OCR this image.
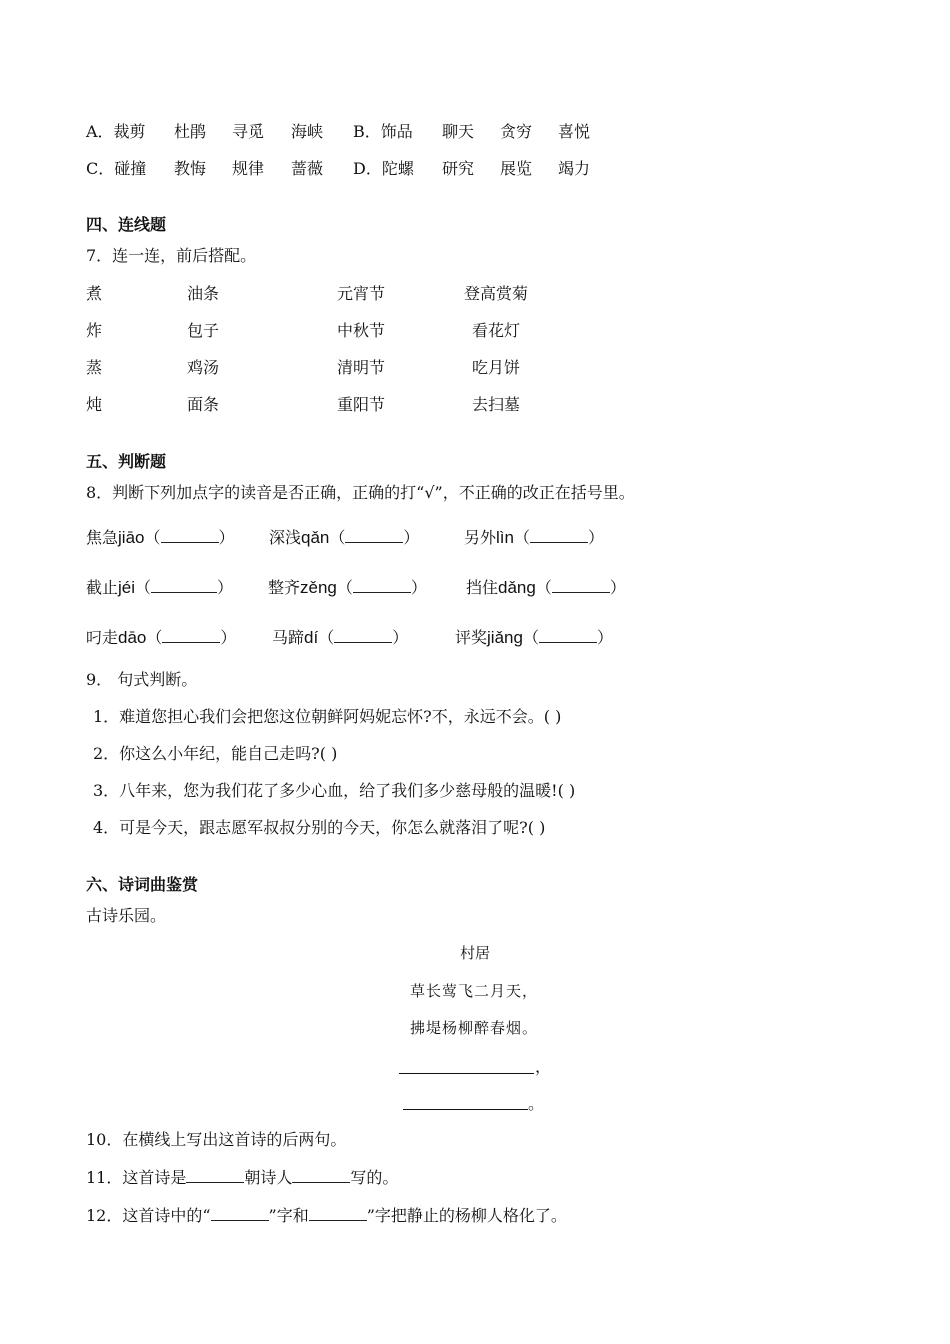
A．裁剪 杜鹃 寻觅 海峡 B．饰品 聊天 贪穷 喜悦
C．碰撞 教悔 规律 蔷薇 D．陀螺 研究 展览 竭力
四、连线题
7．连一连，前后搭配。
煮	油条	元宵节	登高赏菊
炸	包子	中秋节	看花灯
蒸	鸡汤	清明节	吃月饼
炖	面条	重阳节	去扫墓
五、判断题
8．判断下列加点字的读音是否正确，正确的打“√”，不正确的改正在括号里。
焦急jiāo（	） 深浅qǎn（	）	另外lìn（	）
截止jéi（	） 整齐zěng（	） 挡住dǎng（	）
叼走dāo（	） 马蹄dí（	）	评奖jiǎng（	）
9． 句式判断。
1．难道您担心我们会把您这位朝鲜阿妈妮忘怀?不，永远不会。( )
2．你这么小年纪，能自己走吗?( )
3．八年来，您为我们花了多少心血，给了我们多少慈母般的温暖!( )
4．可是今天，跟志愿军叔叔分别的今天，你怎么就落泪了呢?( )
六、诗词曲鉴赏
古诗乐园。
村居
草长莺飞二月天，
拂堤杨柳醉春烟。
，
。
10．在横线上写出这首诗的后两句。
11．这首诗是	朝诗人	写的。
12．这首诗中的“	”字和	”字把静止的杨柳人格化了。
